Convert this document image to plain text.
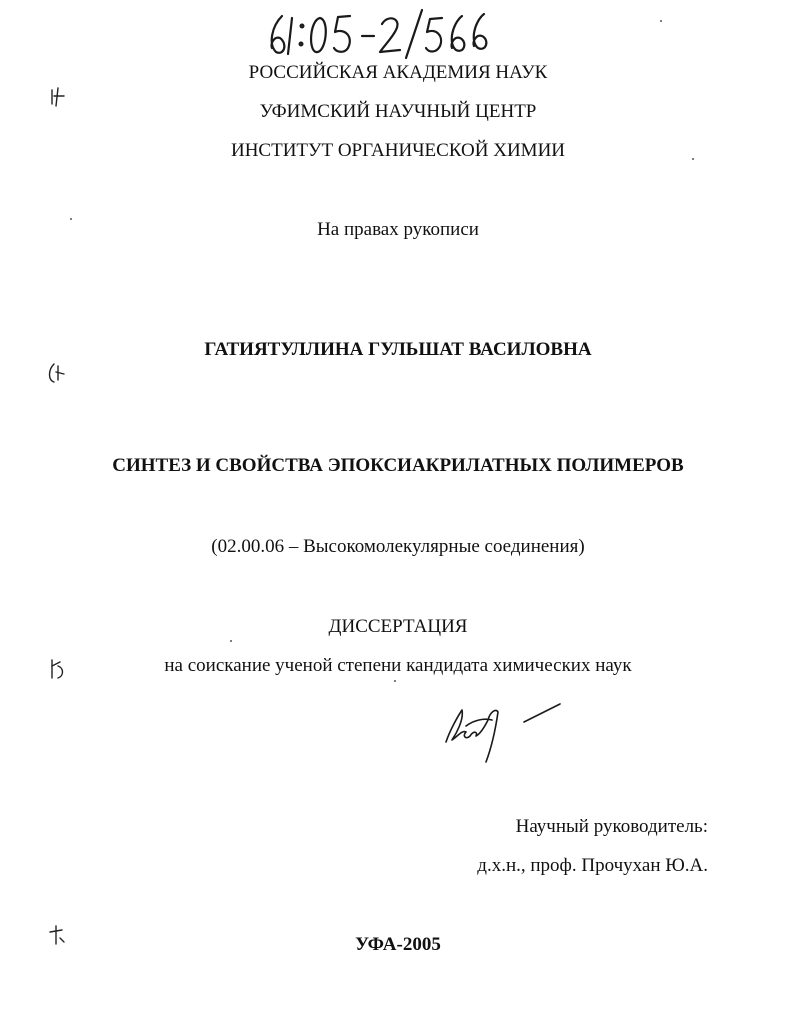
РОССИЙСКАЯ АКАДЕМИЯ НАУК
УФИМСКИЙ НАУЧНЫЙ ЦЕНТР
ИНСТИТУТ ОРГАНИЧЕСКОЙ ХИМИИ
На правах рукописи
ГАТИЯТУЛЛИНА ГУЛЬШАТ ВАСИЛОВНА
СИНТЕЗ И СВОЙСТВА ЭПОКСИАКРИЛАТНЫХ ПОЛИМЕРОВ
(02.00.06 – Высокомолекулярные соединения)
ДИССЕРТАЦИЯ
на соискание ученой степени кандидата химических наук
Научный руководитель:
д.х.н., проф. Прочухан Ю.А.
УФА-2005
